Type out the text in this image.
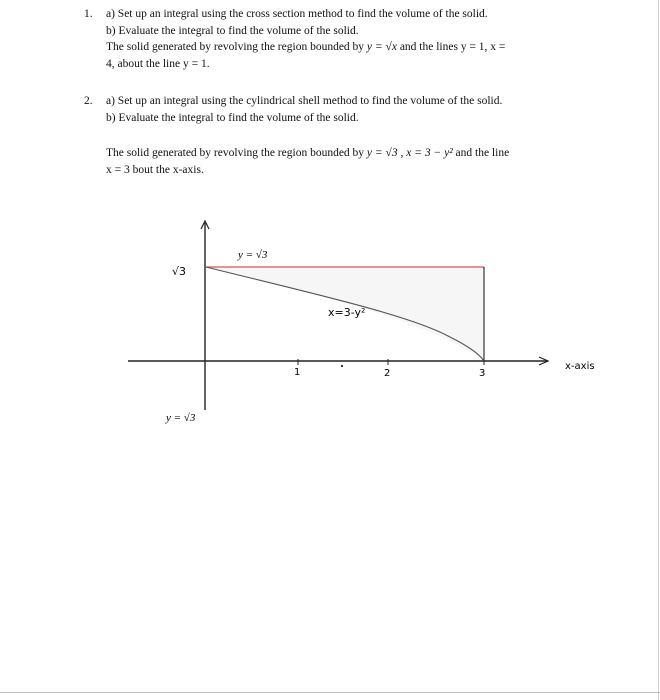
1. a) Set up an integral using the cross section method to find the volume of the solid.
b) Evaluate the integral to find the volume of the solid.
The solid generated by revolving the region bounded by y = √x and the lines y = 1, x =
4, about the line y = 1.
2. a) Set up an integral using the cylindrical shell method to find the volume of the solid.
b) Evaluate the integral to find the volume of the solid.
The solid generated by revolving the region bounded by y = √3 , x = 3 − y² and the line
x = 3 bout the x-axis.
1	2	3
y = √3
√3
x=3-y²
y = √3
x-axis
